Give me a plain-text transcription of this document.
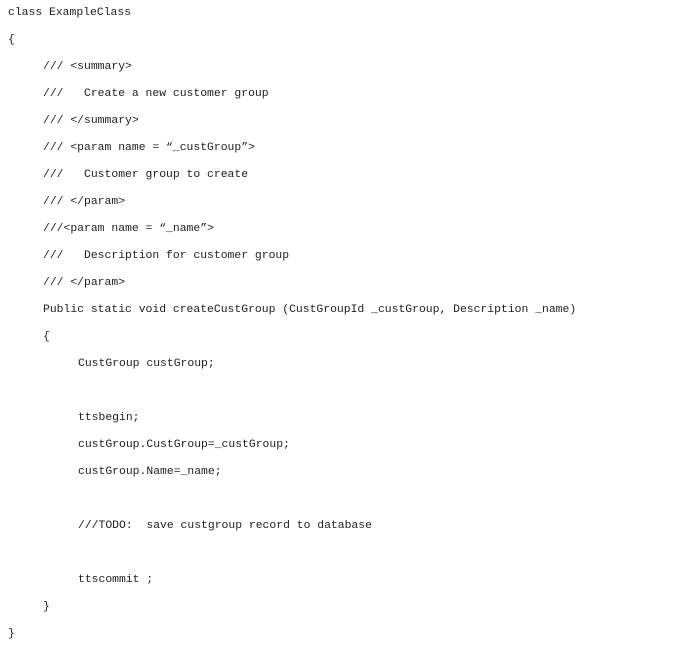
class ExampleClass
{
/// <summary>
///   Create a new customer group
/// </summary>
/// <param name = “_custGroup”>
///   Customer group to create
/// </param>
///<param name = “_name”>
///   Description for customer group
/// </param>
Public static void createCustGroup (CustGroupId _custGroup, Description _name)
{
CustGroup custGroup;
ttsbegin;
custGroup.CustGroup=_custGroup;
custGroup.Name=_name;
///TODO:  save custgroup record to database
ttscommit ;
}
}
